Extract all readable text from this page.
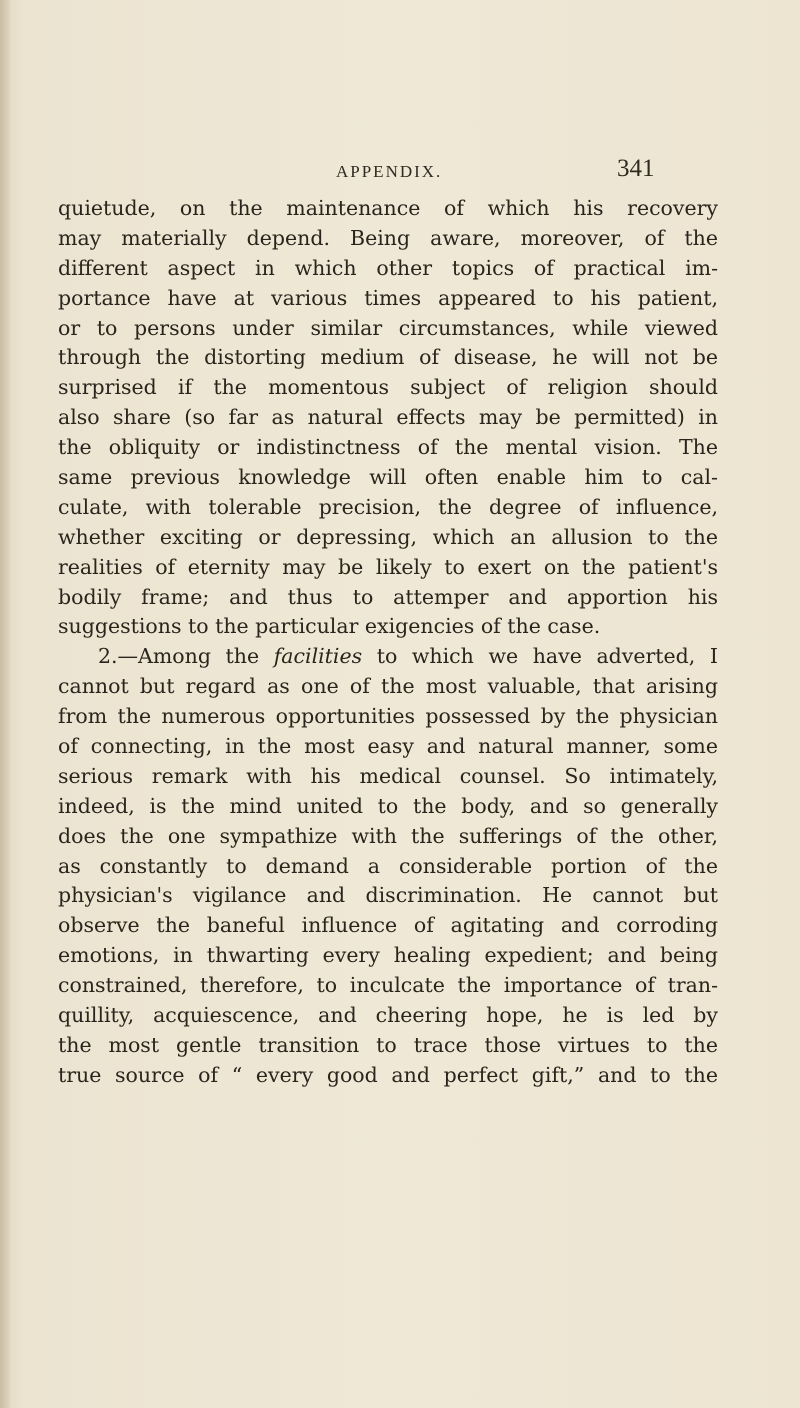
APPENDIX.	341
quietude, on the maintenance of which his recovery
may materially depend. Being aware, moreover, of the
different aspect in which other topics of practical im-
portance have at various times appeared to his patient,
or to persons under similar circumstances, while viewed
through the distorting medium of disease, he will not be
surprised if the momentous subject of religion should
also share (so far as natural effects may be permitted) in
the obliquity or indistinctness of the mental vision. The
same previous knowledge will often enable him to cal-
culate, with tolerable precision, the degree of influence,
whether exciting or depressing, which an allusion to the
realities of eternity may be likely to exert on the patient's
bodily frame; and thus to attemper and apportion his
suggestions to the particular exigencies of the case.
2.—Among the facilities to which we have adverted, I
cannot but regard as one of the most valuable, that arising
from the numerous opportunities possessed by the physician
of connecting, in the most easy and natural manner, some
serious remark with his medical counsel. So intimately,
indeed, is the mind united to the body, and so generally
does the one sympathize with the sufferings of the other,
as constantly to demand a considerable portion of the
physician's vigilance and discrimination. He cannot but
observe the baneful influence of agitating and corroding
emotions, in thwarting every healing expedient; and being
constrained, therefore, to inculcate the importance of tran-
quillity, acquiescence, and cheering hope, he is led by
the most gentle transition to trace those virtues to the
true source of “ every good and perfect gift,” and to the
